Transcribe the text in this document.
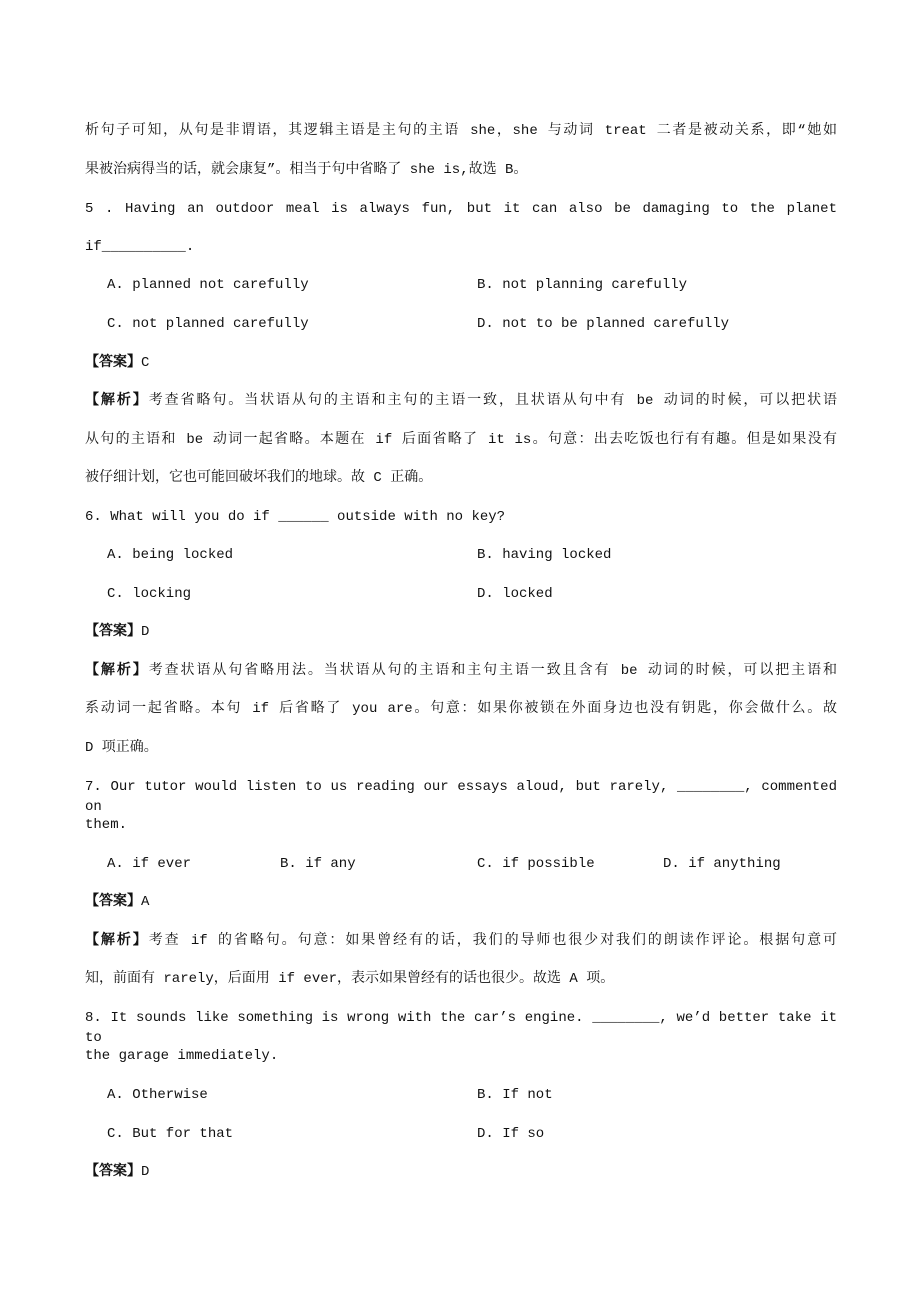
析句子可知，从句是非谓语，其逻辑主语是主句的主语 she，she 与动词 treat 二者是被动关系，即“她如
果被治病得当的话，就会康复”。相当于句中省略了 she is,故选 B。
5 . Having an outdoor meal is always fun, but it can also be damaging to the planet
if__________.
A. planned not carefully	B. not planning carefully
C. not planned carefully	D. not to be planned carefully
【答案】C
【解析】考查省略句。当状语从句的主语和主句的主语一致，且状语从句中有 be 动词的时候，可以把状语
从句的主语和 be 动词一起省略。本题在 if 后面省略了 it is。句意：出去吃饭也行有有趣。但是如果没有
被仔细计划，它也可能回破坏我们的地球。故 C 正确。
6. What will you do if ______ outside with no key?
A. being locked	B. having locked
C. locking	D. locked
【答案】D
【解析】考查状语从句省略用法。当状语从句的主语和主句主语一致且含有 be 动词的时候，可以把主语和
系动词一起省略。本句 if 后省略了 you are。句意：如果你被锁在外面身边也没有钥匙，你会做什么。故
D 项正确。
7. Our tutor would listen to us reading our essays aloud, but rarely, ________, commented on
them.
A. if ever	B. if any	C. if possible	D. if anything
【答案】A
【解析】考查 if 的省略句。句意：如果曾经有的话，我们的导师也很少对我们的朗读作评论。根据句意可
知，前面有 rarely，后面用 if ever，表示如果曾经有的话也很少。故选 A 项。
8. It sounds like something is wrong with the car’s engine. ________, we’d better take it to
the garage immediately.
A. Otherwise	B. If not
C. But for that	D. If so
【答案】D
